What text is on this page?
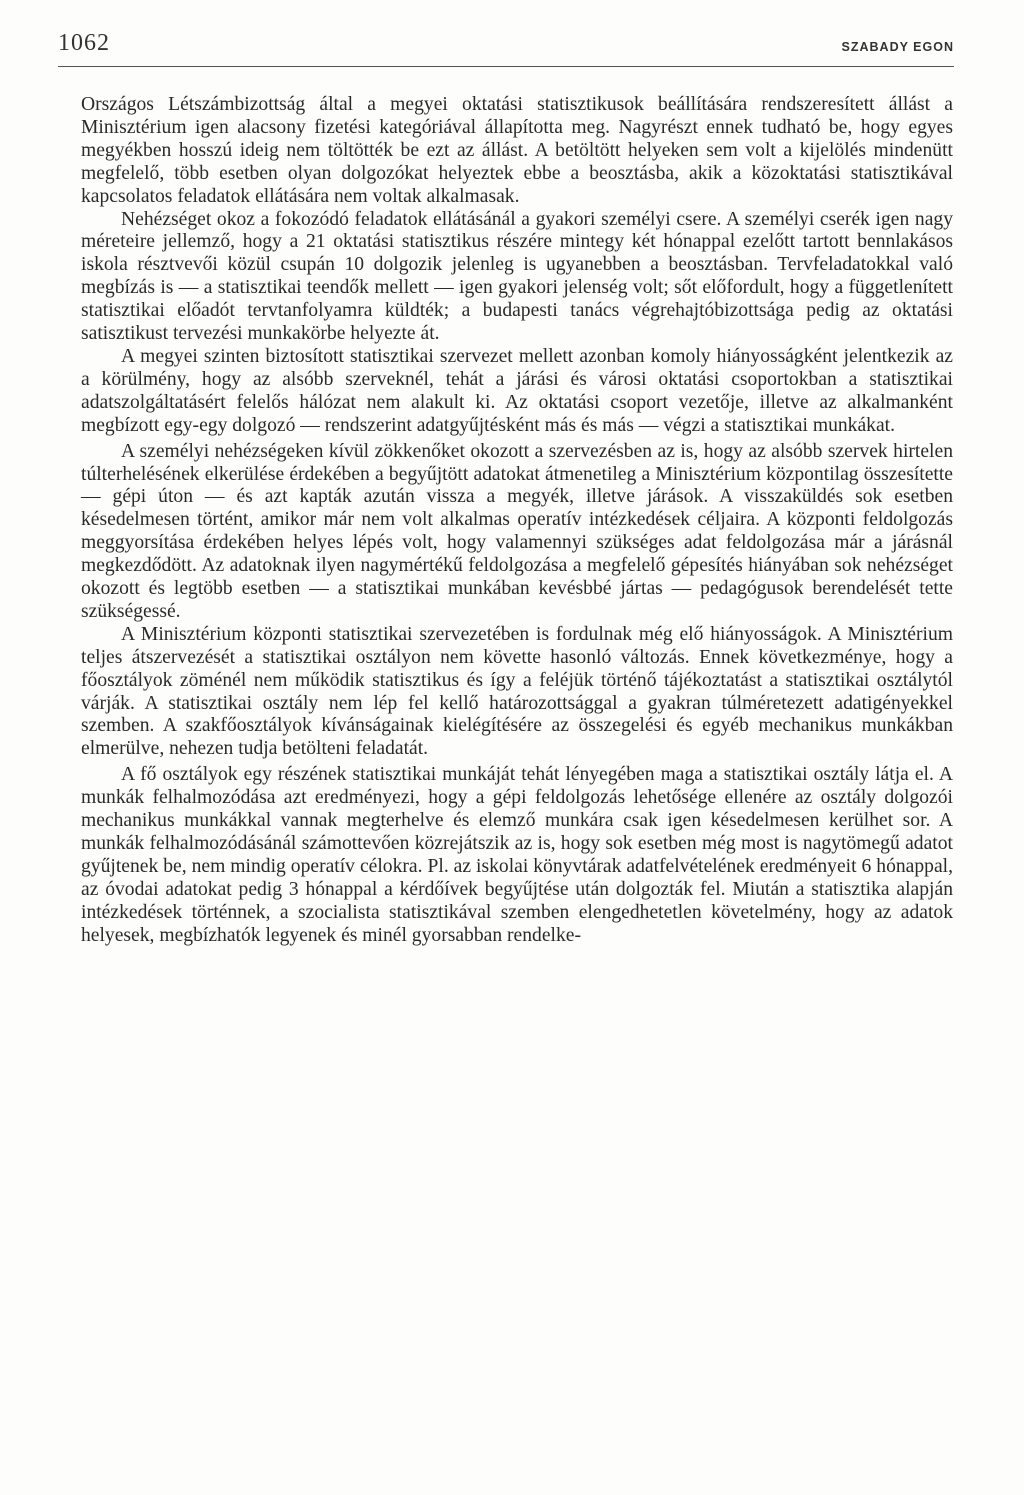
1062	SZABADY EGON

Országos Létszámbizottság által a megyei oktatási statisztikusok beállítására rendszeresített állást a Minisztérium igen alacsony fizetési kategóriával állapította meg. Nagyrészt ennek tudható be, hogy egyes megyékben hosszú ideig nem töltötték be ezt az állást. A betöltött helyeken sem volt a kijelölés mindenütt megfelelő, több esetben olyan dolgozókat helyeztek ebbe a beosztásba, akik a közoktatási statisztikával kapcsolatos feladatok ellátására nem voltak alkalmasak.

Nehézséget okoz a fokozódó feladatok ellátásánál a gyakori személyi csere. A személyi cserék igen nagy méreteire jellemző, hogy a 21 oktatási statisztikus részére mintegy két hónappal ezelőtt tartott bennlakásos iskola résztvevői közül csupán 10 dolgozik jelenleg is ugyanebben a beosztásban. Tervfeladatokkal való megbízás is — a statisztikai teendők mellett — igen gyakori jelenség volt; sőt előfordult, hogy a függetlenített statisztikai előadót tervtanfolyamra küldték; a budapesti tanács végrehajtóbizottsága pedig az oktatási satisztikust tervezési munkakörbe helyezte át.

A megyei szinten biztosított statisztikai szervezet mellett azonban komoly hiányosságként jelentkezik az a körülmény, hogy az alsóbb szerveknél, tehát a járási és városi oktatási csoportokban a statisztikai adatszolgáltatásért felelős hálózat nem alakult ki. Az oktatási csoport vezetője, illetve az alkalmanként megbízott egy-egy dolgozó — rendszerint adatgyűjtésként más és más — végzi a statisztikai munkákat.

A személyi nehézségeken kívül zökkenőket okozott a szervezésben az is, hogy az alsóbb szervek hirtelen túlterhelésének elkerülése érdekében a begyűjtött adatokat átmenetileg a Minisztérium központilag összesítette — gépi úton — és azt kapták azután vissza a megyék, illetve járások. A visszaküldés sok esetben késedelmesen történt, amikor már nem volt alkalmas operatív intézkedések céljaira. A központi feldolgozás meggyorsítása érdekében helyes lépés volt, hogy valamennyi szükséges adat feldolgozása már a járásnál megkezdődött. Az adatoknak ilyen nagymértékű feldolgozása a megfelelő gépesítés hiányában sok nehézséget okozott és legtöbb esetben — a statisztikai munkában kevésbbé jártas — pedagógusok berendelését tette szükségessé.

A Minisztérium központi statisztikai szervezetében is fordulnak még elő hiányosságok. A Minisztérium teljes átszervezését a statisztikai osztályon nem követte hasonló változás. Ennek következménye, hogy a főosztályok zöménél nem működik statisztikus és így a feléjük történő tájékoztatást a statisztikai osztálytól várják. A statisztikai osztály nem lép fel kellő határozottsággal a gyakran túlméretezett adatigényekkel szemben. A szakfőosztályok kívánságainak kielégítésére az összegelési és egyéb mechanikus munkákban elmerülve, nehezen tudja betölteni feladatát.

A fő osztályok egy részének statisztikai munkáját tehát lényegében maga a statisztikai osztály látja el. A munkák felhalmozódása azt eredményezi, hogy a gépi feldolgozás lehetősége ellenére az osztály dolgozói mechanikus munkákkal vannak megterhelve és elemző munkára csak igen késedelmesen kerülhet sor. A munkák felhalmozódásánál számottevően közrejátszik az is, hogy sok esetben még most is nagytömegű adatot gyűjtenek be, nem mindig operatív célokra. Pl. az iskolai könyvtárak adatfelvételének eredményeit 6 hónappal, az óvodai adatokat pedig 3 hónappal a kérdőívek begyűjtése után dolgozták fel. Miután a statisztika alapján intézkedések történnek, a szocialista statisztikával szemben elengedhetetlen követelmény, hogy az adatok helyesek, megbízhatók legyenek és minél gyorsabban rendelke-
